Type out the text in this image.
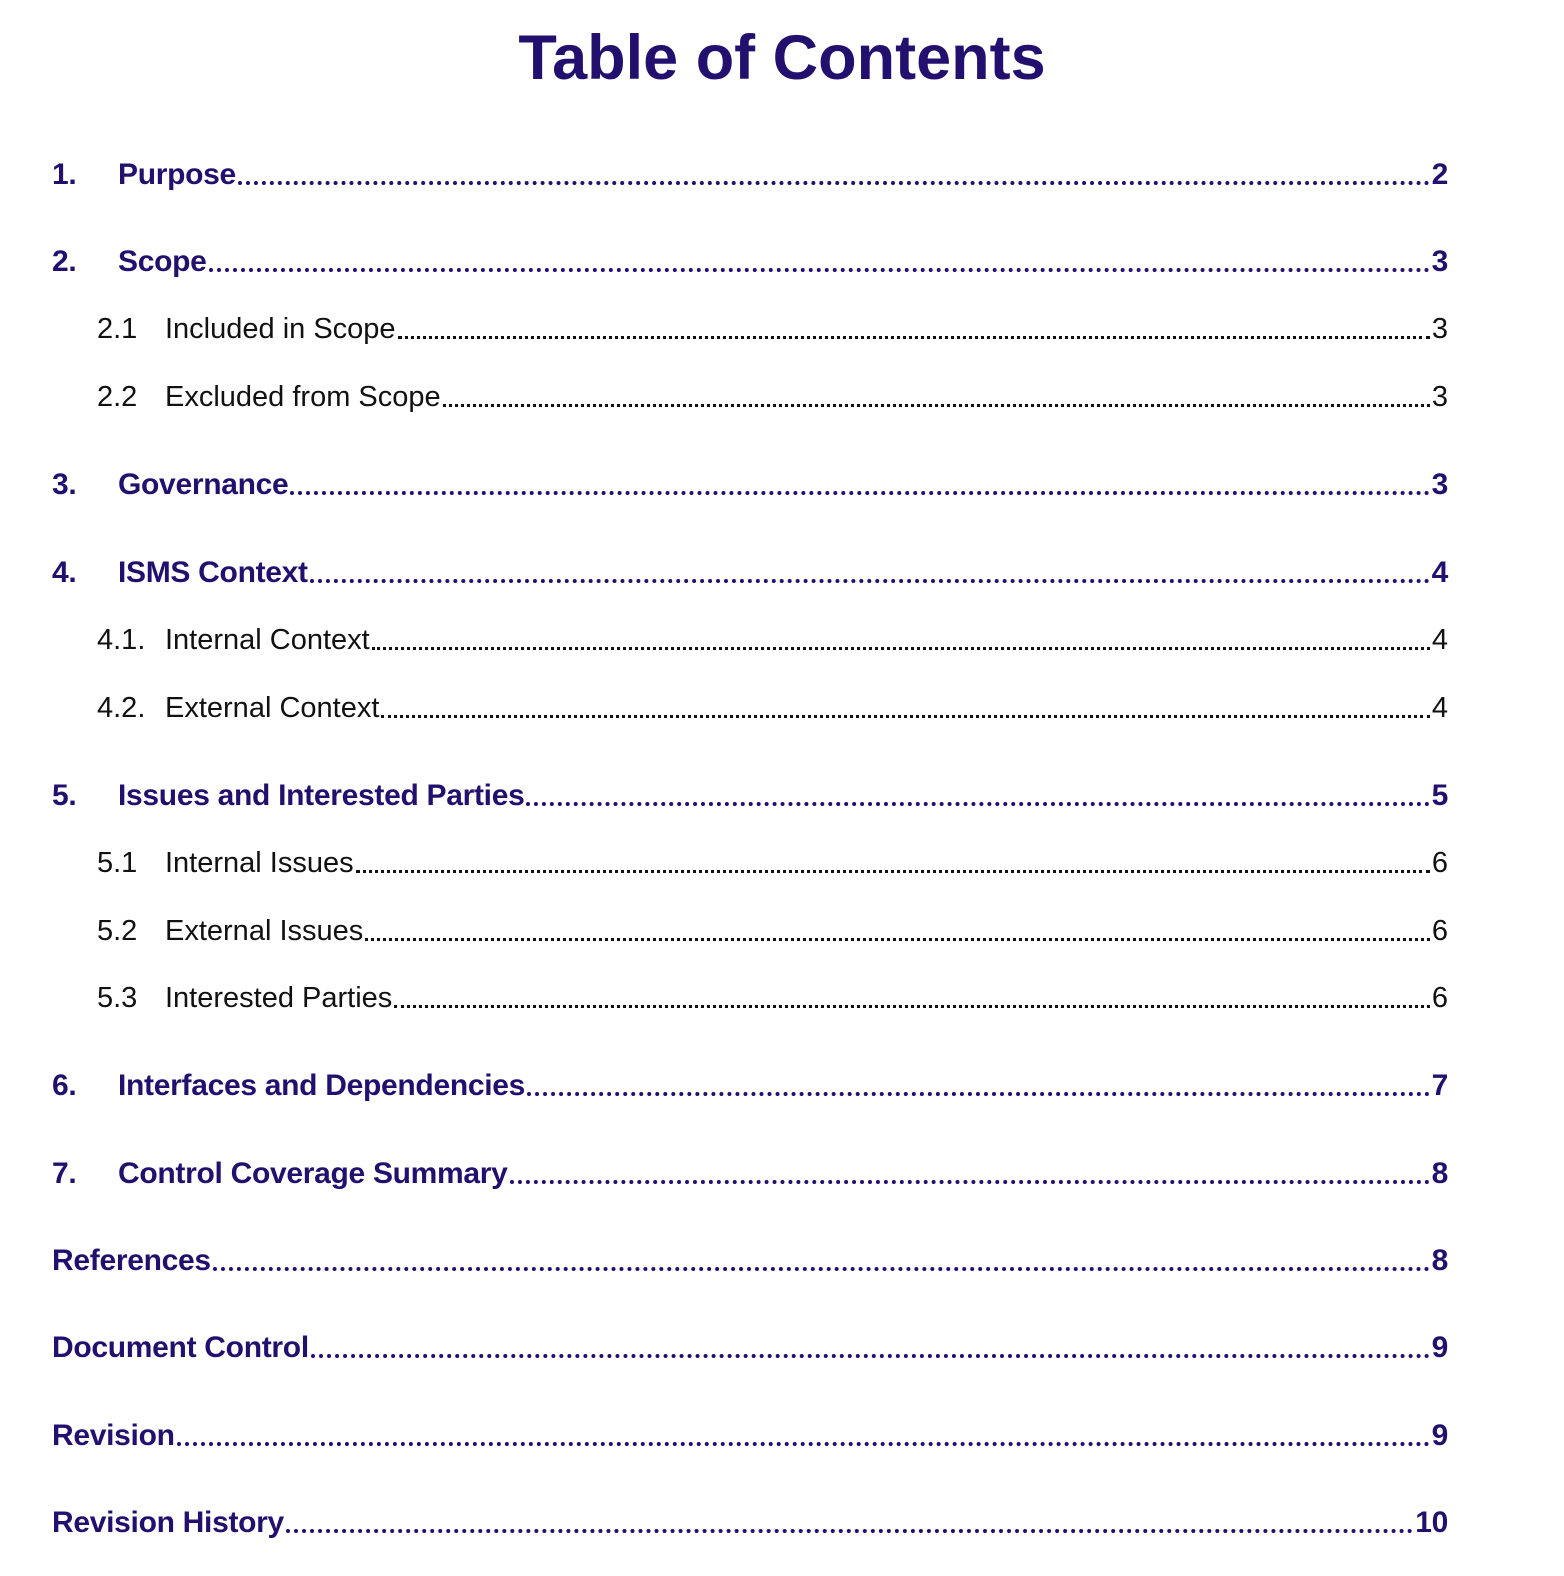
Table of Contents
1.	Purpose	2
2.	Scope	3
2.1 Included in Scope	3
2.2 Excluded from Scope	3
3.	Governance	3
4.	ISMS Context	4
4.1. Internal Context	4
4.2. External Context	4
5.	Issues and Interested Parties	5
5.1 Internal Issues	6
5.2 External Issues	6
5.3 Interested Parties	6
6.	Interfaces and Dependencies	7
7.	Control Coverage Summary	8
References	8
Document Control	9
Revision	9
Revision History	10
